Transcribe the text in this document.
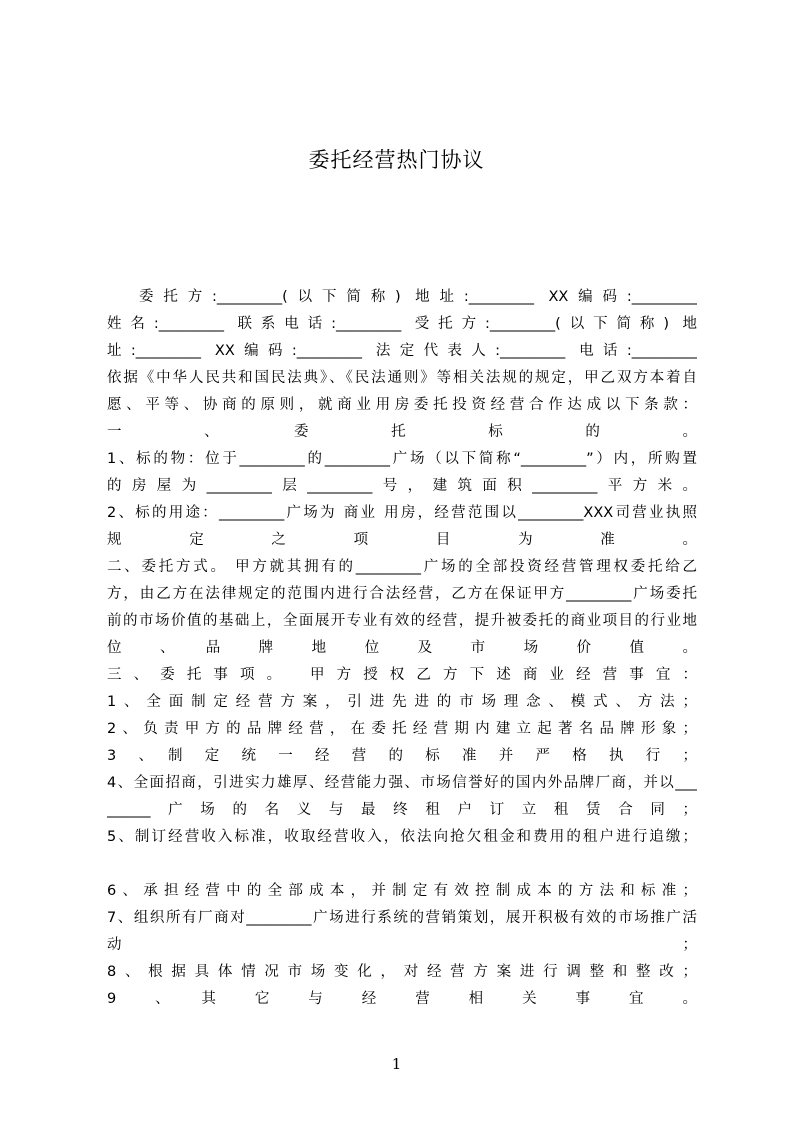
委托经营热门协议
委托方:_________(以下简称) 地址:_________ XX编码:_________
姓名:_________ 联系电话:_________ 受托方:_________(以下简称) 地
址:_________ XX编码:_________ 法定代表人:_________ 电话:_________
依据《中华人民共和国民法典》、《民法通则》等相关法规的规定，甲乙双方本着自
愿、平等、协商的原则，就商业用房委托投资经营合作达成以下条款：
一　、　委　托　标　的　。
1、标的物：位于_________的_________广场（以下简称“_________”）内，所购置
的房屋为_________层_________号，建筑面积_________平方米。
2、标的用途：_________广场为 商业 用房，经营范围以_________XXX司营业执照
规　定　之　项　目　为　准　。
二、委托方式。 甲方就其拥有的_________广场的全部投资经营管理权委托给乙
方，由乙方在法律规定的范围内进行合法经营，乙方在保证甲方_________广场委托
前的市场价值的基础上，全面展开专业有效的经营，提升被委托的商业项目的行业地
位　、　品　牌　地　位　及　市　场　价　值　。
三、委托事项。 甲方授权乙方下述商业经营事宜：
1、全面制定经营方案，引进先进的市场理念、模式、方法；
2、负责甲方的品牌经营，在委托经营期内建立起著名品牌形象；
3　、　制　定　统　一　经　营　的　标　准　并　严　格　执　行　；
4、全面招商，引进实力雄厚、经营能力强、市场信誉好的国内外品牌厂商，并以___
______广场的名义与最终租户订立租赁合同；
5、制订经营收入标准，收取经营收入，依法向抢欠租金和费用的租户进行追缴；
6、承担经营中的全部成本，并制定有效控制成本的方法和标准；
7、组织所有厂商对_________广场进行系统的营销策划，展开积极有效的市场推广活
动　　　　　　　　　　　　　　　　　　　　　　　　　；
8、根据具体情况市场变化，对经营方案进行调整和整改；
9　、　其　它　与　经　营　相　关　事　宜　。
1
